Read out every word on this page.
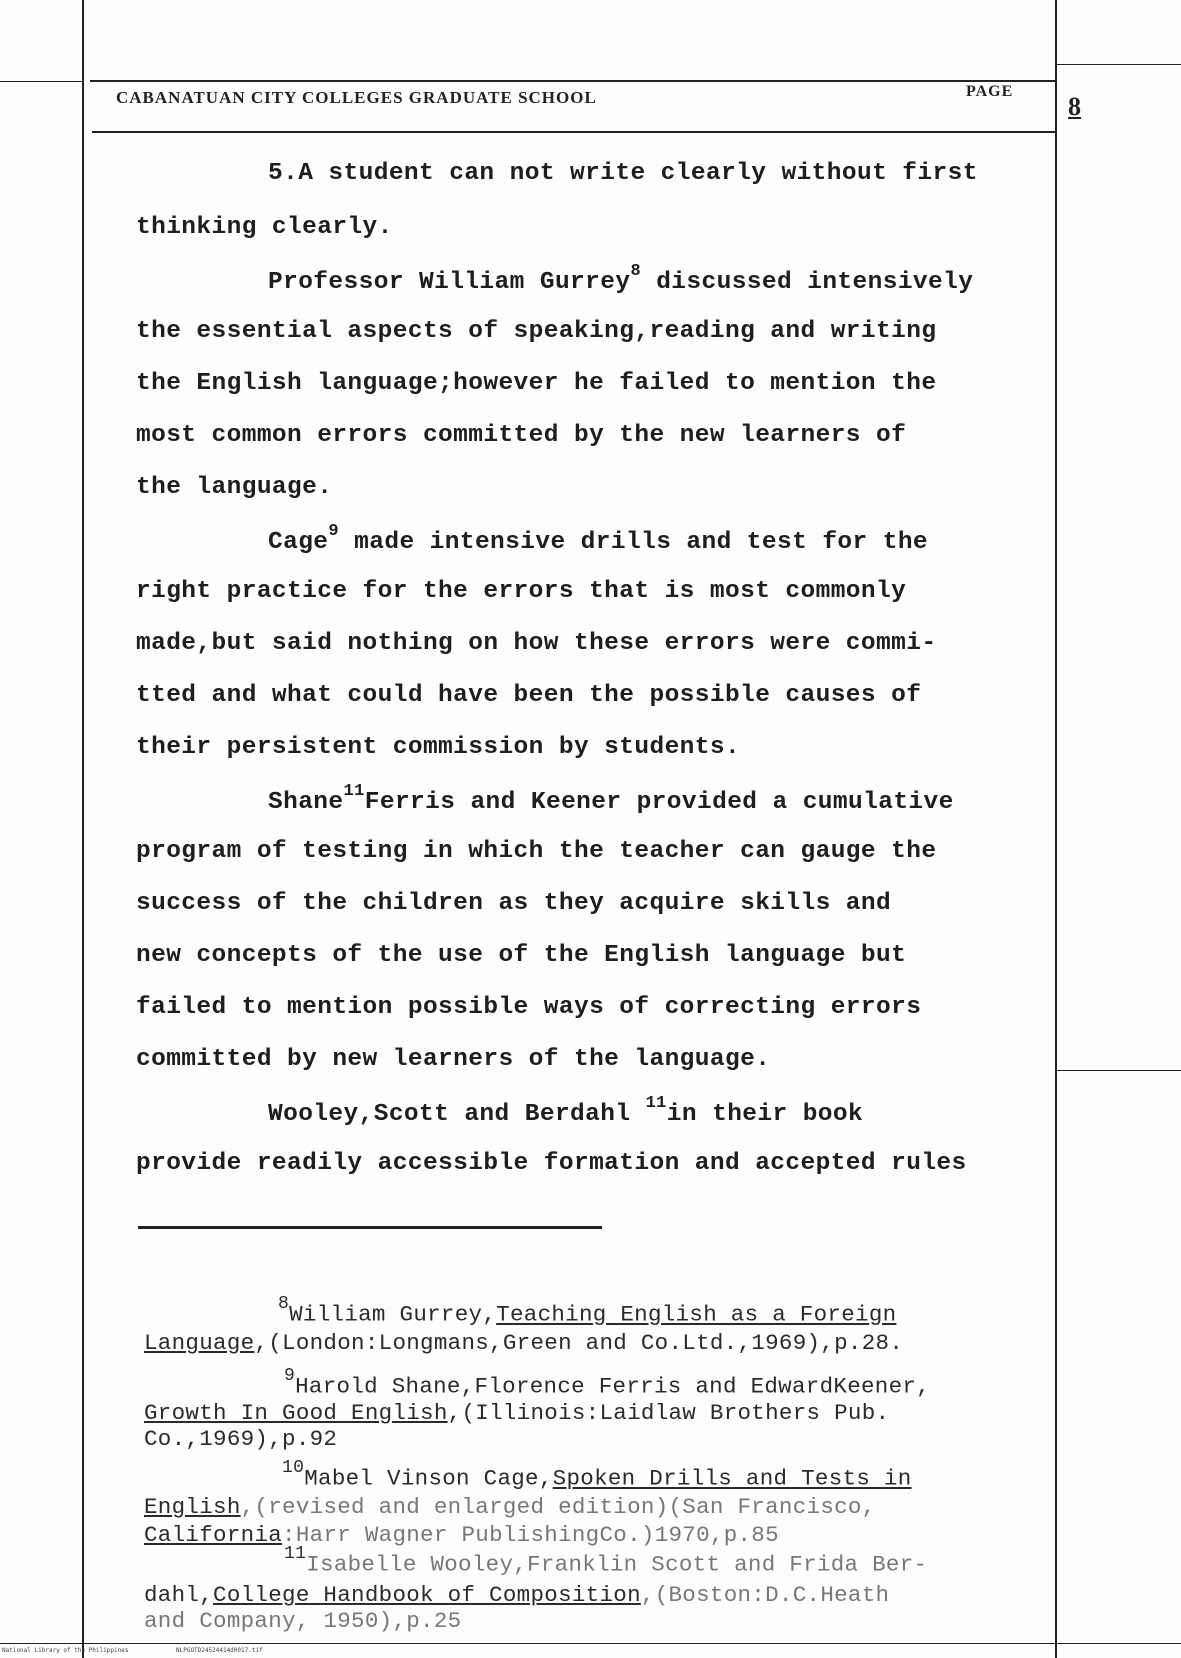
CABANATUAN CITY COLLEGES GRADUATE SCHOOL	PAGE
8
5.A student can not write clearly without first
thinking clearly.
Professor William Gurrey$^8$ discussed intensively
the essential aspects of speaking,reading and writing
the English language;however he failed to mention the
most common errors committed by the new learners of
the language.
Cage$^9$ made intensive drills and test for the
right practice for the errors that is most commonly
made,but said nothing on how these errors were commi-
tted and what could have been the possible causes of
their persistent commission by students.
Shane$^{11}$Ferris and Keener provided a cumulative
program of testing in which the teacher can gauge the
success of the children as they acquire skills and
new concepts of the use of the English language but
failed to mention possible ways of correcting errors
committed by new learners of the language.
Wooley,Scott and Berdahl $^{11}$in their book
provide readily accessible formation and accepted rules
$^8$William Gurrey,Teaching English as a Foreign
Language,(London:Longmans,Green and Co.Ltd.,1969),p.28.
$^9$Harold Shane,Florence Ferris and EdwardKeener,
Growth In Good English,(Illinois:Laidlaw Brothers Pub.
Co.,1969),p.92
$^{10}$Mabel Vinson Cage,Spoken Drills and Tests in
English,(revised and enlarged edition)(San Francisco,
California:Harr Wagner PublishingCo.)1970,p.85
$^{11}$Isabelle Wooley,Franklin Scott and Frida Ber-
dahl,College Handbook of Composition,(Boston:D.C.Heath
and Company, 1950),p.25
National Library of the Philippines	NLPGOTD24524414d0017.tif
